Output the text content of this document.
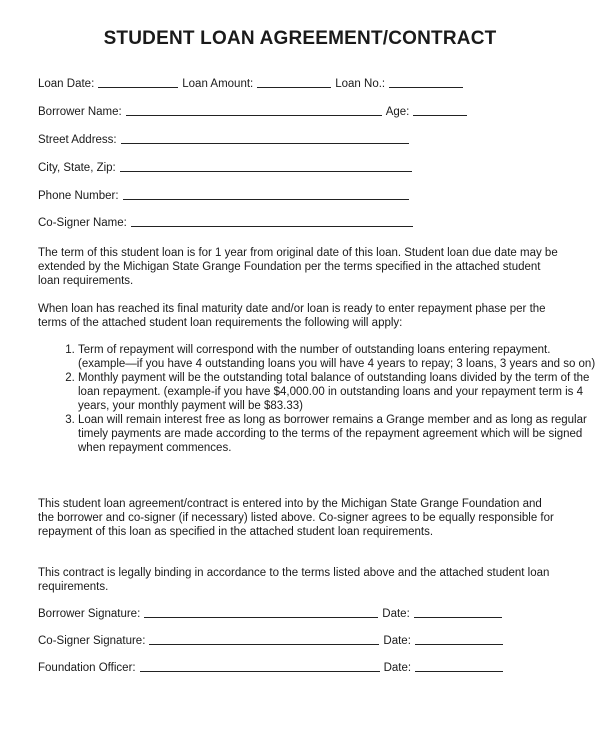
STUDENT LOAN AGREEMENT/CONTRACT
Loan Date:	Loan Amount:	Loan No.:
Borrower Name:	Age:
Street Address:
City, State, Zip:
Phone Number:
Co-Signer Name:

The term of this student loan is for 1 year from original date of this loan. Student loan due date may be extended by the Michigan State Grange Foundation per the terms specified in the attached student loan requirements.

When loan has reached its final maturity date and/or loan is ready to enter repayment phase per the terms of the attached student loan requirements the following will apply:

1. Term of repayment will correspond with the number of outstanding loans entering repayment. (example—if you have 4 outstanding loans you will have 4 years to repay; 3 loans, 3 years and so on)
2. Monthly payment will be the outstanding total balance of outstanding loans divided by the term of the loan repayment. (example-if you have $4,000.00 in outstanding loans and your repayment term is 4 years, your monthly payment will be $83.33)
3. Loan will remain interest free as long as borrower remains a Grange member and as long as regular timely payments are made according to the terms of the repayment agreement which will be signed when repayment commences.

This student loan agreement/contract is entered into by the Michigan State Grange Foundation and the borrower and co-signer (if necessary) listed above. Co-signer agrees to be equally responsible for repayment of this loan as specified in the attached student loan requirements.

This contract is legally binding in accordance to the terms listed above and the attached student loan requirements.

Borrower Signature:	Date:
Co-Signer Signature:	Date:
Foundation Officer:	Date:
